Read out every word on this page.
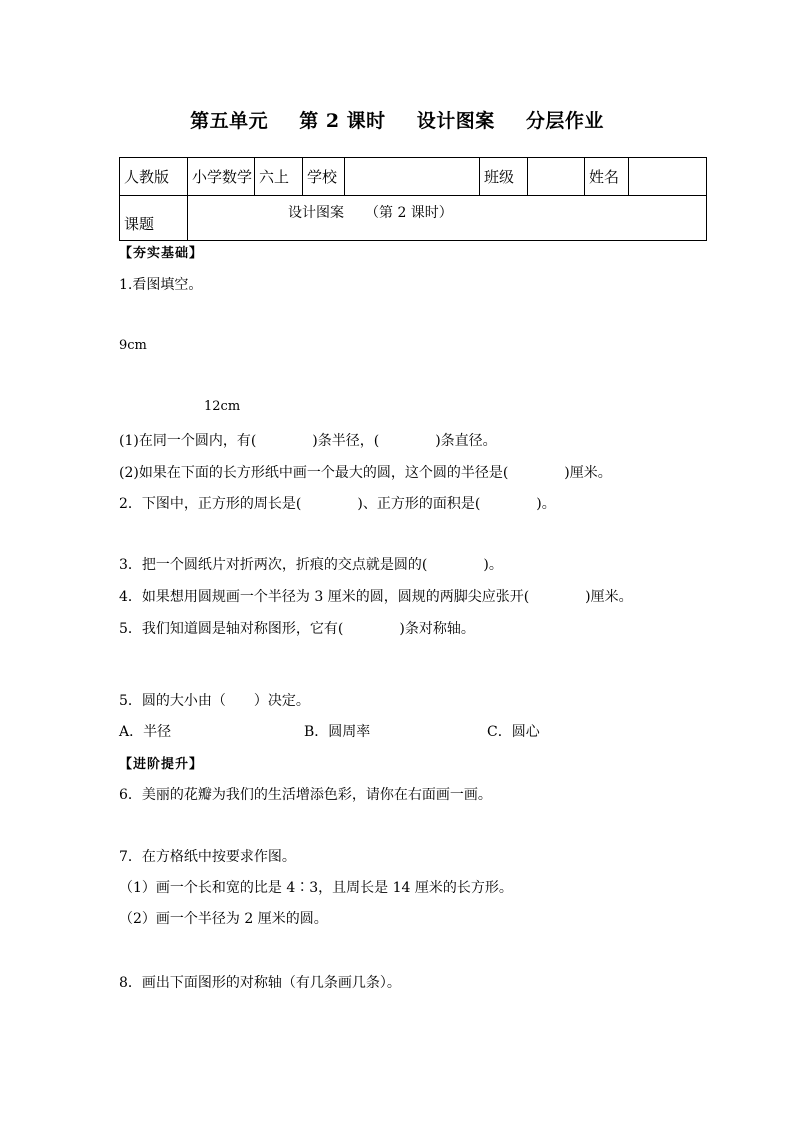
第五单元 第 2 课时 设计图案 分层作业
人教版	小学数学	六上	学校		班级		姓名	
课题	设计图案　　（第 2 课时）							
【夯实基础】
1.看图填空。
9cm
12cm
(1)在同一个圆内，有(　　　　)条半径，(　　　　)条直径。
(2)如果在下面的长方形纸中画一个最大的圆，这个圆的半径是(　　　　)厘米。
2．下图中，正方形的周长是(　　　　)、正方形的面积是(　　　　)。
3．把一个圆纸片对折两次，折痕的交点就是圆的(　　　　)。
4．如果想用圆规画一个半径为 3 厘米的圆，圆规的两脚尖应张开(　　　　)厘米。
5．我们知道圆是轴对称图形，它有(　　　　)条对称轴。
5．圆的大小由（　　）决定。
A．半径	B．圆周率	C．圆心
【进阶提升】
6．美丽的花瓣为我们的生活增添色彩，请你在右面画一画。
7．在方格纸中按要求作图。
（1）画一个长和宽的比是 4∶3，且周长是 14 厘米的长方形。
（2）画一个半径为 2 厘米的圆。
8．画出下面图形的对称轴（有几条画几条）。
